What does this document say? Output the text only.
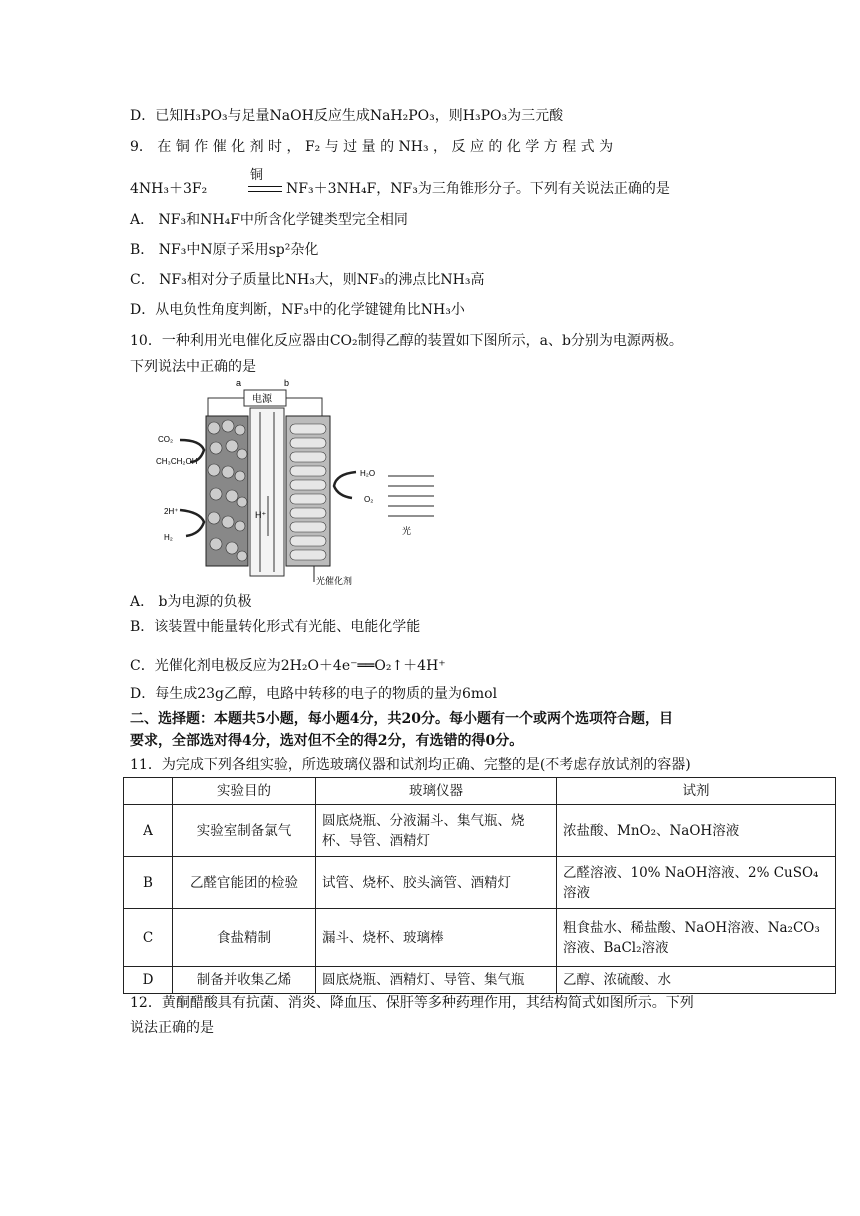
D．已知H₃PO₃与足量NaOH反应生成NaH₂PO₃，则H₃PO₃为三元酸
9． 在 铜 作 催 化 剂 时 ， F₂ 与 过 量 的 NH₃ ， 反 应 的 化 学 方 程 式 为
4NH₃＋3F₂
铜
NF₃＋3NH₄F，NF₃为三角锥形分子。下列有关说法正确的是
A． NF₃和NH₄F中所含化学键类型完全相同
B． NF₃中N原子采用sp²杂化
C． NF₃相对分子质量比NH₃大，则NF₃的沸点比NH₃高
D．从电负性角度判断，NF₃中的化学键键角比NH₃小
10．一种利用光电催化反应器由CO₂制得乙醇的装置如下图所示，a、b分别为电源两极。
下列说法中正确的是
a	b
电源
H⁺
CO₂
CH₃CH₂OH
2H⁺
H₂
H₂O
O₂
光
光催化剂
A． b为电源的负极
B．该装置中能量转化形式有光能、电能化学能
C．光催化剂电极反应为2H₂O＋4e⁻══O₂↑＋4H⁺
D．每生成23g乙醇，电路中转移的电子的物质的量为6mol
二、选择题：本题共5小题，每小题4分，共20分。每小题有一个或两个选项符合题，目
要求，全部选对得4分，选对但不全的得2分，有选错的得0分。
11．为完成下列各组实验，所选玻璃仪器和试剂均正确、完整的是(不考虑存放试剂的容器)
	实验目的	玻璃仪器	试剂
A	实验室制备氯气	圆底烧瓶、分液漏斗、集气瓶、烧杯、导管、酒精灯	浓盐酸、MnO₂、NaOH溶液
B	乙醛官能团的检验	试管、烧杯、胶头滴管、酒精灯	乙醛溶液、10% NaOH溶液、2% CuSO₄溶液
C	食盐精制	漏斗、烧杯、玻璃棒	粗食盐水、稀盐酸、NaOH溶液、Na₂CO₃溶液、BaCl₂溶液
D	制备并收集乙烯	圆底烧瓶、酒精灯、导管、集气瓶	乙醇、浓硫酸、水
12．黄酮醋酸具有抗菌、消炎、降血压、保肝等多种药理作用，其结构简式如图所示。下列
说法正确的是
